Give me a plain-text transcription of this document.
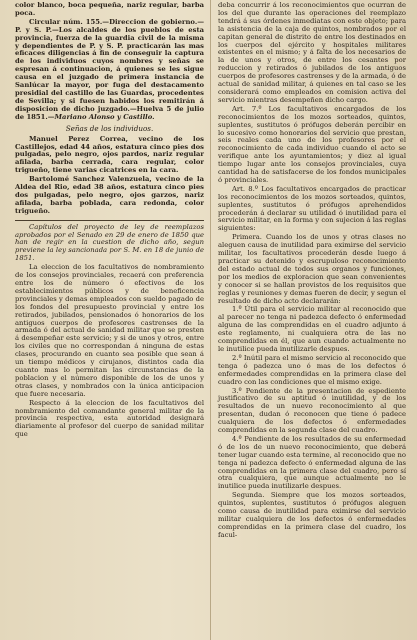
color blanco, boca pequeña, nariz regular, barba poca.

Circular núm. 155.—Direccion de gobierno.—P. y S. P.—Los alcaldes de los pueblos de esta provincia, fuerza de la guardia civil de la misma y dependientes de P. y S. P. practicarán las mas eficaces diligencias á fin de conseguir la captura de los individuos cuyos nombres y señas se espresan á continuacion, á quienes se les sigue causa en el juzgado de primera instancia de Sanlúcar la mayor, por fuga del destacamento presidial del castillo de las Guardas, procedentes de Sevilla; y si fuesen habidos los remitirán á disposicion de dicho juzgado.—Huelva 5 de julio de 1851.—Mariano Alonso y Castillo.

Señas de los individuos.

Manuel Perez Correa, vecino de los Castillejos, edad 44 años, estatura cinco pies dos pulgadas, pelo negro, ojos pardos, nariz regular afilada, barba cerrada, cara regular, color trigueño, tiene varias cicatrices en la cara.

Bartolomé Sanchez Valenzuela, vecino de la Aldea del Rio, edad 38 años, estatura cinco pies dos pulgadas, pelo negro, ojos garzos, nariz afilada, barba poblada, cara redonda, color trigueño.

Capítulos del proyecto de ley de reemplazos aprobados por el Senado en 29 de enero de 1850 que han de regir en la cuestion de dicho año, segun previene la ley sancionada por S. M. en 18 de junio de 1851.

La eleccion de los facultativos de nombramiento de los consejos provinciales, recaerá con preferencia entre los de número ó efectivos de los establecimientos públicos y de beneficencia provinciales y demas empleados con sueldo pagado de los fondos del presupuesto provincial y entre los retirados, jubilados, pensionados ó honorarios de los antiguos cuerpos de profesores castrenses de la armada ó del actual de sanidad militar que se presten á desempeñar este servicio; y si de unos y otros, entre los civiles que no correspondan á ninguna de estas clases, procurando en cuanto sea posible que sean á un tiempo médicos y cirujanos, distintos cada dia cuanto mas lo permitan las circunstancias de la poblacion y el número disponible de los de unos y otras clases, y nombrados con la única anticipacion que fuere necesaria.

Respecto á la eleccion de los facultativos del nombramiento del comandante general militar de la provincia respectiva, esta autoridad designará diariamente al profesor del cuerpo de sanidad militar que

deba concurrir á los reconocimientos que ocurran de los del que durante las operaciones del reemplazo tendrá á sus órdenes inmediatas con este objeto; para la asistencia de la caja de quintos, nombrados por el capitan general de distrito de entre los destinados en los cuerpos del ejército y hospitales militares existentes en el mismo; y á falta de los necesarios de la de unos y otros, de entre los cesantes por reduccion y retirados ó jubilados de los antiguos cuerpos de profesores castrenses y de la armada, ó de actual de sanidad militar, á quienes en tal caso se les considerará como empleados en comision activa del servicio mientras desempeñen dicho cargo.

Art. 7.º Los facultativos encargados de los reconocimientos de los mozos sorteados, quintos, suplentes, sustitutos ó prófugos deberán percibir en lo sucesivo como honorarios del servicio que prestan, seis reales cada uno de los profesores por el reconocimiento de cada individuo cuando el acto se verifique ante los ayuntamientos; y diez al igual tiempo lugar ante los consejos provinciales, cuya cantidad ha de satisfacerse de los fondos municipales ó provinciales.

Art. 8.º Los facultativos encargados de practicar los reconocimientos de los mozos sorteados, quintos, suplentes, sustitutos ó prófugos aprehendidos procederán á declarar su utilidad ó inutilidad para el servicio militar, en la forma y con sujecion á las reglas siguientes:

Primera. Cuando los de unos y otras clases no aleguen causa de inutilidad para eximirse del servicio militar, los facultativos procederán desde luego á practicar su detenido y escrupuloso reconocimiento del estado actual de todos sus organos y funciones, por los medios de exploracion que sean convenientes y conocer si se hallan provistos de los requisitos que reglas y reuniones y demas fueren de decir, y segun el resultado de dicho acto declararán:

1.º Útil para el servicio militar al reconocido que al parecer no tenga ni padezca defecto ó enfermedad alguna de las comprendidas en el cuadro adjunto á este reglamento, ni cualquiera otra de las no comprendidas en él, que aun cuando actualmente no le inutilice pueda inutilizarle despues.

2.º Inútil para el mismo servicio al reconocido que tenga ó padezca uno ó mas de los defectos ó enfermedades comprendidas en la primera clase del cuadro con las condiciones que el mismo exige.

3.º Pendiente de la presentacion de espediente justificativo de su aptitud ó inutilidad, y de los resultados de un nuevo reconocimiento al que presentan, dudan ó reconocen que tiene ó padece cualquiera de los defectos ó enfermedades comprendidas en la segunda clase del cuadro.

4.º Pendiente de los resultados de su enfermedad ó de los de un nuevo reconocimiento, que deberá tener lugar cuando esta termine, al reconocido que no tenga ni padezca defecto ó enfermedad alguna de las comprendidas en la primera clase del cuadro, pero sí otra cualquiera, que aunque actualmente no le inutilice pueda inutilizarle despues.

Segunda. Siempre que los mozos sorteados, quintos, suplentes, sustitutos ó prófugos aleguen como causa de inutilidad para eximirse del servicio militar cualquiera de los defectos ó enfermedades comprendidas en la primera clase del cuadro, los facul-
